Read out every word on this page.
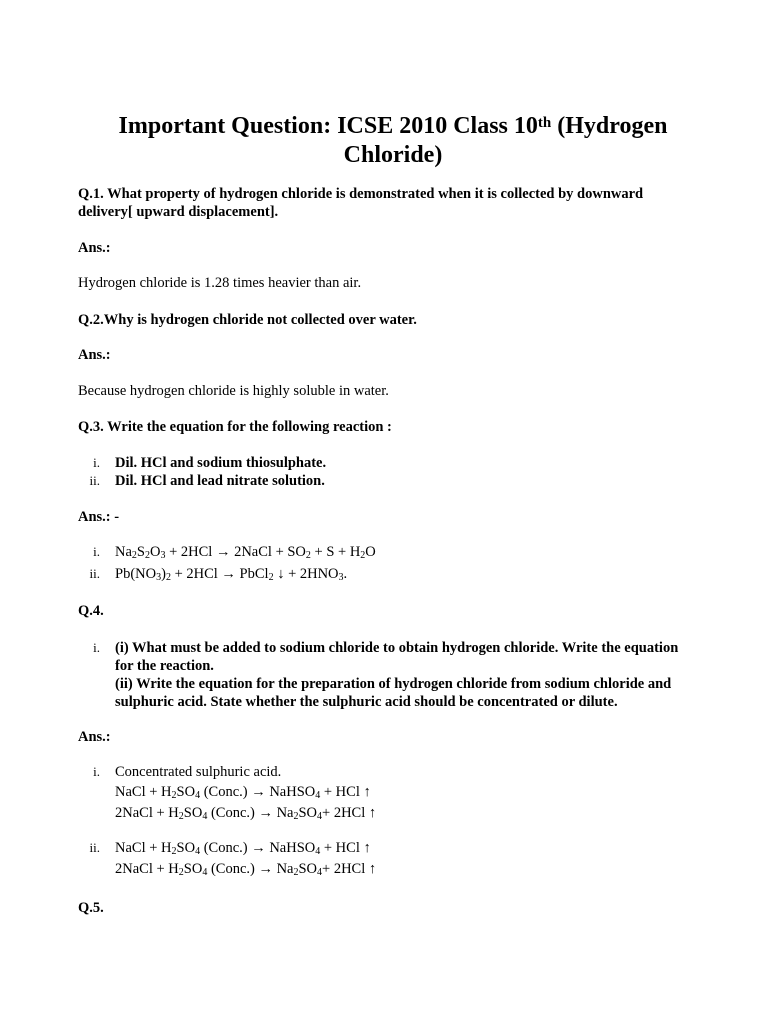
Important Question: ICSE 2010 Class 10th (Hydrogen Chloride)
Q.1. What property of hydrogen chloride is demonstrated when it is collected by downward delivery[ upward displacement].
Ans.:
Hydrogen chloride is 1.28 times heavier than air.
Q.2.Why is hydrogen chloride not collected over water.
Ans.:
Because hydrogen chloride is highly soluble in water.
Q.3. Write the equation for the following reaction :
i. Dil. HCl and sodium thiosulphate.
ii. Dil. HCl and lead nitrate solution.
Ans.: -
i. $Na_2S_2O_3 + 2HCl$ → 2NaCl + $SO_2 + S + H_2O$
ii. $Pb(NO_3)_2 + 2HCl$ → PbCl$_2$ ↓ + $2HNO_3$.
Q.4.
i. (i) What must be added to sodium chloride to obtain hydrogen chloride. Write the equation for the reaction.
(ii) Write the equation for the preparation of hydrogen chloride from sodium chloride and sulphuric acid. State whether the sulphuric acid should be concentrated or dilute.
Ans.:
i. Concentrated sulphuric acid.
NaCl + $H_2SO_4$ (Conc.) → NaHSO$_4$ + HCl ↑
2NaCl + $H_2SO_4$ (Conc.) → $Na_2SO_4+ 2HCl$ ↑
ii. NaCl + $H_2SO_4$ (Conc.) → NaHSO$_4$ + HCl ↑
2NaCl + $H_2SO_4$ (Conc.) → $Na_2SO_4+ 2HCl$ ↑
Q.5.
